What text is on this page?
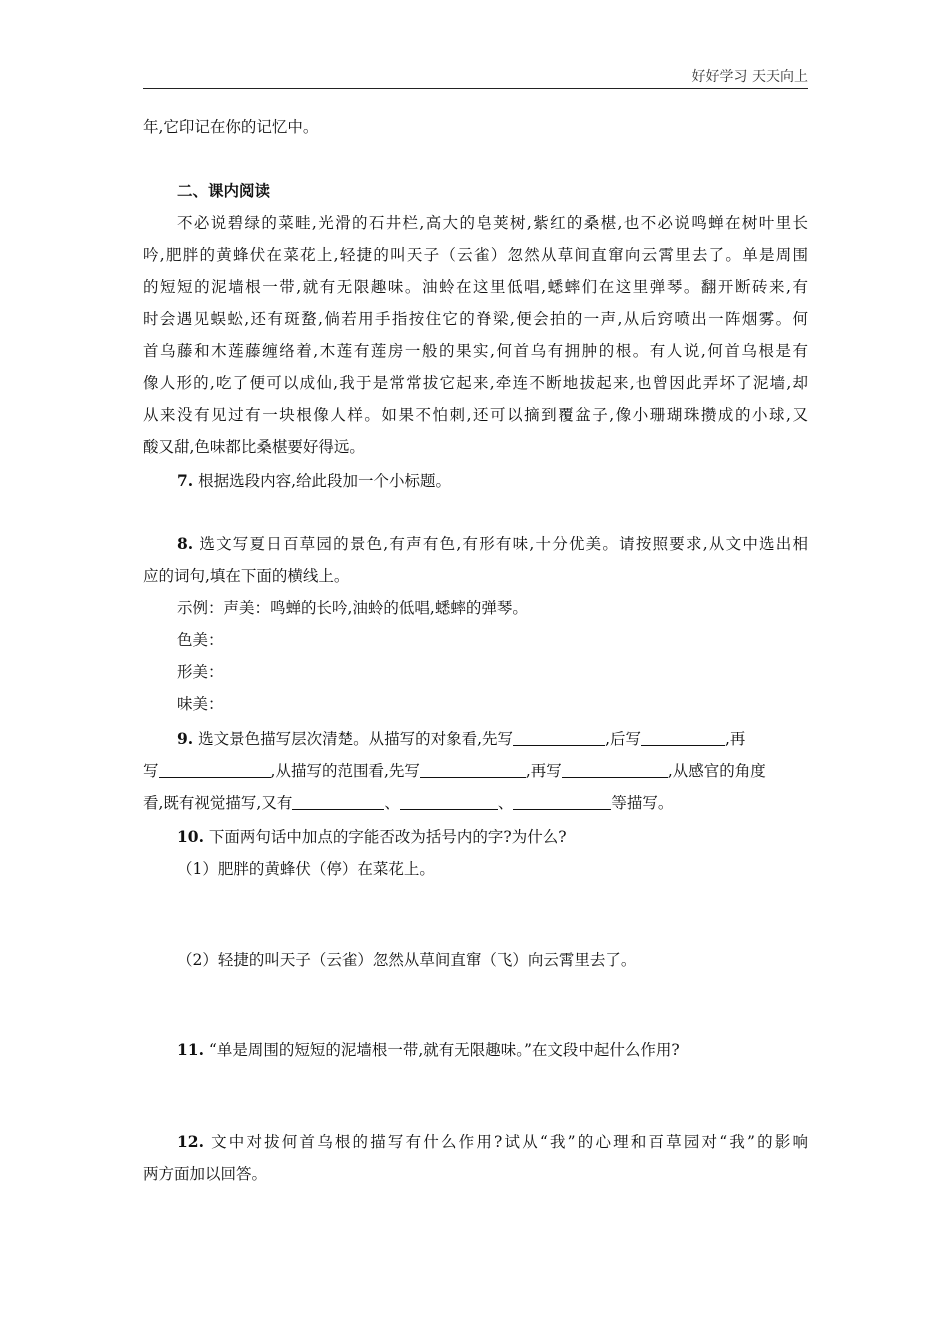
好好学习 天天向上
年,它印记在你的记忆中。
二、课内阅读
不必说碧绿的菜畦,光滑的石井栏,高大的皂荚树,紫红的桑椹,也不必说鸣蝉在树叶里长
吟,肥胖的黄蜂伏在菜花上,轻捷的叫天子（云雀）忽然从草间直窜向云霄里去了。单是周围
的短短的泥墙根一带,就有无限趣味。油蛉在这里低唱,蟋蟀们在这里弹琴。翻开断砖来,有
时会遇见蜈蚣,还有斑蝥,倘若用手指按住它的脊梁,便会拍的一声,从后窍喷出一阵烟雾。何
首乌藤和木莲藤缠络着,木莲有莲房一般的果实,何首乌有拥肿的根。有人说,何首乌根是有
像人形的,吃了便可以成仙,我于是常常拔它起来,牵连不断地拔起来,也曾因此弄坏了泥墙,却
从来没有见过有一块根像人样。如果不怕刺,还可以摘到覆盆子,像小珊瑚珠攒成的小球,又
酸又甜,色味都比桑椹要好得远。
7. 根据选段内容,给此段加一个小标题。
8. 选文写夏日百草园的景色,有声有色,有形有味,十分优美。请按照要求,从文中选出相
应的词句,填在下面的横线上。
示例：声美：鸣蝉的长吟,油蛉的低唱,蟋蟀的弹琴。
色美：
形美：
味美：
9. 选文景色描写层次清楚。从描写的对象看,先写	,后写	,再
写	,从描写的范围看,先写	,再写	,从感官的角度
看,既有视觉描写,又有	、	、	等描写。
10. 下面两句话中加点的字能否改为括号内的字?为什么?
（1）肥胖的黄蜂伏（停）在菜花上。
（2）轻捷的叫天子（云雀）忽然从草间直窜（飞）向云霄里去了。
11. “单是周围的短短的泥墙根一带,就有无限趣味。”在文段中起什么作用?
12. 文中对拔何首乌根的描写有什么作用?试从“我”的心理和百草园对“我”的影响
两方面加以回答。
